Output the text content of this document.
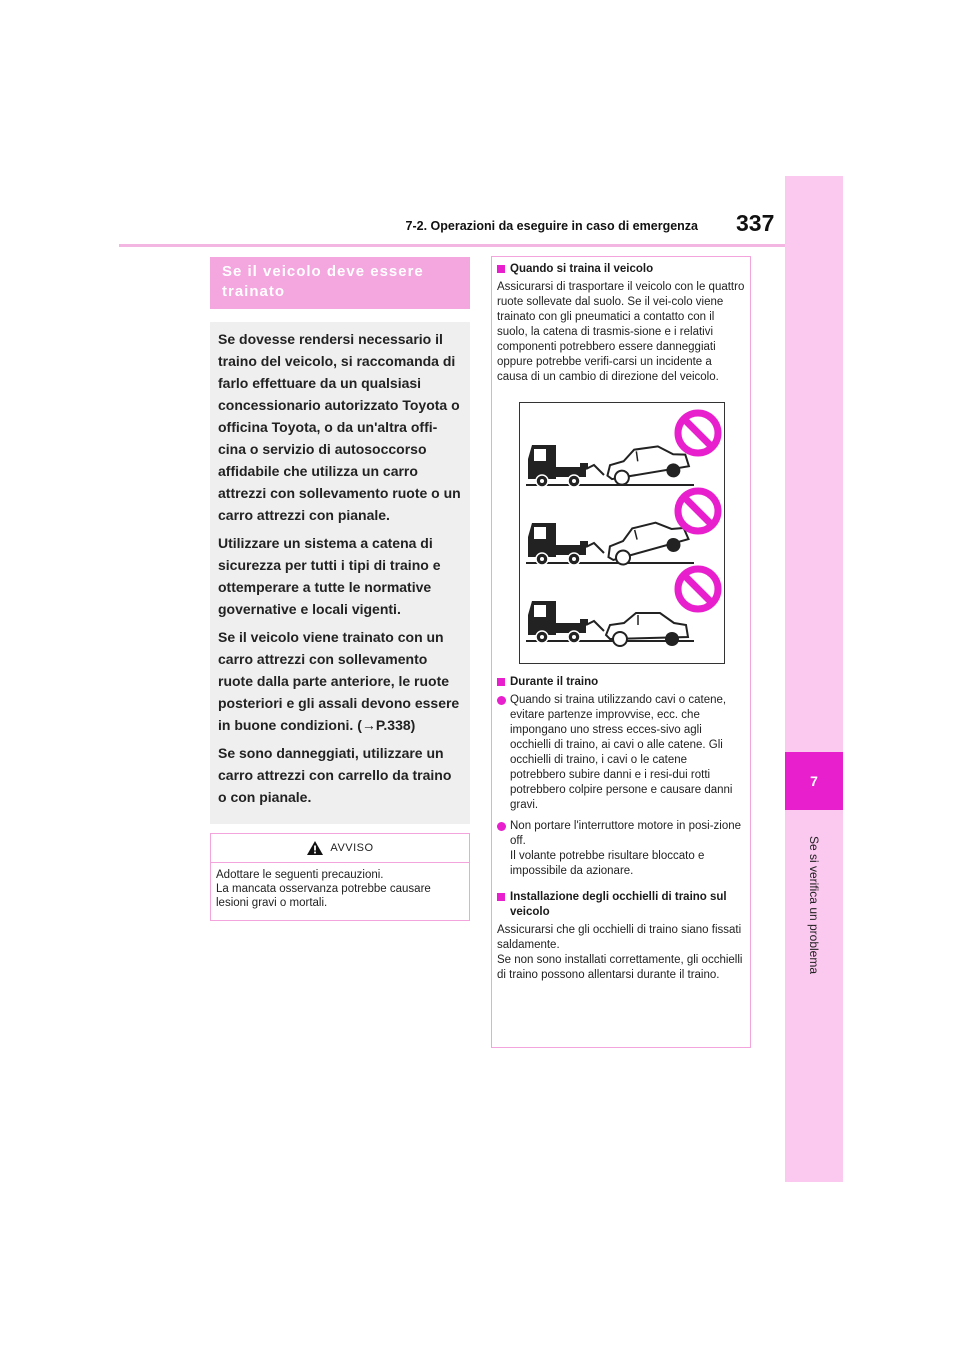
7
Se si verifica un problema
7-2. Operazioni da eseguire in caso di emergenza 337
Se il veicolo deve essere
trainato

Se dovesse rendersi necessario il traino del veicolo, si raccomanda di farlo effettuare da un qualsiasi concessionario autorizzato Toyota o officina Toyota, o da un'altra offi-cina o servizio di autosoccorso affidabile che utilizza un carro attrezzi con sollevamento ruote o un carro attrezzi con pianale.

Utilizzare un sistema a catena di sicurezza per tutti i tipi di traino e ottemperare a tutte le normative governative e locali vigenti.

Se il veicolo viene trainato con un carro attrezzi con sollevamento ruote dalla parte anteriore, le ruote posteriori e gli assali devono essere in buone condizioni. (→P.338)

Se sono danneggiati, utilizzare un carro attrezzi con carrello da traino o con pianale.

AVVISO
Adottare le seguenti precauzioni.
La mancata osservanza potrebbe causare lesioni gravi o mortali.
Quando si traina il veicolo
Assicurarsi di trasportare il veicolo con le quattro ruote sollevate dal suolo. Se il vei-colo viene trainato con gli pneumatici a contatto con il suolo, la catena di trasmis-sione e i relativi componenti potrebbero essere danneggiati oppure potrebbe verifi-carsi un incidente a causa di un cambio di direzione del veicolo.
Durante il traino
Quando si traina utilizzando cavi o catene, evitare partenze improvvise, ecc. che impongano uno stress ecces-sivo agli occhielli di traino, ai cavi o alle catene. Gli occhielli di traino, i cavi o le catene potrebbero subire danni e i resi-dui rotti potrebbero colpire persone e causare danni gravi.
Non portare l'interruttore motore in posi-zione off.
Il volante potrebbe risultare bloccato e impossibile da azionare.
Installazione degli occhielli di traino sul veicolo
Assicurarsi che gli occhielli di traino siano fissati saldamente.
Se non sono installati correttamente, gli occhielli di traino possono allentarsi durante il traino.
